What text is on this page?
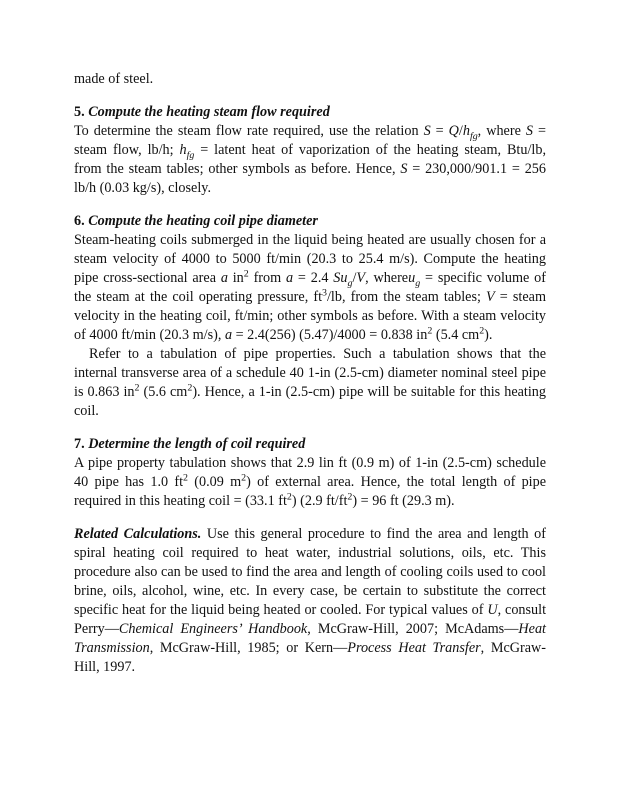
made of steel.

5. Compute the heating steam flow required

To determine the steam flow rate required, use the relation $S = Q/h_{fg}$, where S = steam flow, lb/h; $h_{fg}$ = latent heat of vaporization of the heating steam, Btu/lb, from the steam tables; other symbols as before. Hence, S = 230,000/901.1 = 256 lb/h (0.03 kg/s), closely.

6. Compute the heating coil pipe diameter

Steam-heating coils submerged in the liquid being heated are usually chosen for a steam velocity of 4000 to 5000 ft/min (20.3 to 25.4 m/s). Compute the heating pipe cross-sectional area a $in^2$ from a = 2.4 $Su_g/V$, whereu$_g$ = specific volume of the steam at the coil operating pressure, $ft^3/lb$, from the steam tables; V = steam velocity in the heating coil, ft/min; other symbols as before. With a steam velocity of 4000 ft/min (20.3 m/s), a = 2.4(256) (5.47)/4000 = 0.838 $in^2$ (5.4 $cm^2$).

Refer to a tabulation of pipe properties. Such a tabulation shows that the internal transverse area of a schedule 40 1-in (2.5-cm) diameter nominal steel pipe is 0.863 $in^2$ (5.6 $cm^2$). Hence, a 1-in (2.5-cm) pipe will be suitable for this heating coil.

7. Determine the length of coil required

A pipe property tabulation shows that 2.9 lin ft (0.9 m) of 1-in (2.5-cm) schedule 40 pipe has 1.0 $ft^2$ (0.09 $m^2$) of external area. Hence, the total length of pipe required in this heating coil = (33.1 $ft^2$) (2.9 $ft/ft^2) = 96$ ft (29.3 m).

Related Calculations. Use this general procedure to find the area and length of spiral heating coil required to heat water, industrial solutions, oils, etc. This procedure also can be used to find the area and length of cooling coils used to cool brine, oils, alcohol, wine, etc. In every case, be certain to substitute the correct specific heat for the liquid being heated or cooled. For typical values of U, consult Perry—Chemical Engineers’ Handbook, McGraw-Hill, 2007; McAdams—Heat Transmission, McGraw-Hill, 1985; or Kern—Process Heat Transfer, McGraw-Hill, 1997.
